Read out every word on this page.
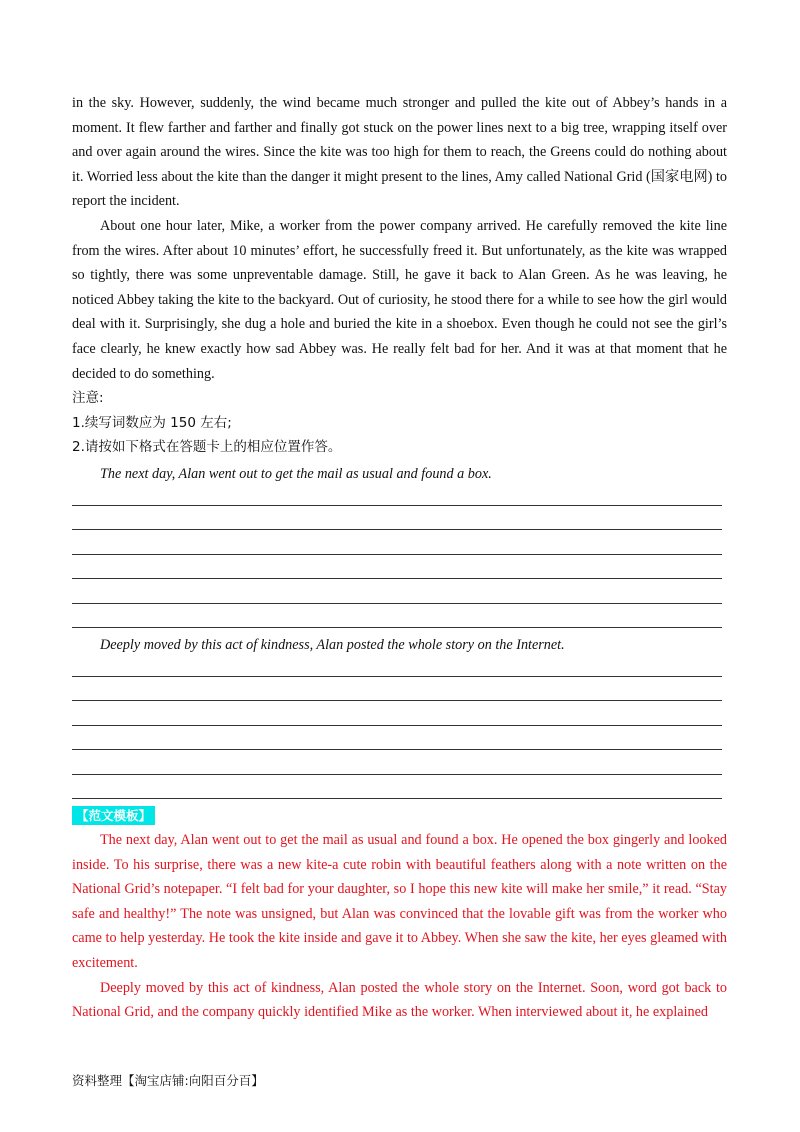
in the sky. However, suddenly, the wind became much stronger and pulled the kite out of Abbey’s hands in a moment. It flew farther and farther and finally got stuck on the power lines next to a big tree, wrapping itself over and over again around the wires. Since the kite was too high for them to reach, the Greens could do nothing about it. Worried less about the kite than the danger it might present to the lines, Amy called National Grid (国家电网) to report the incident.

About one hour later, Mike, a worker from the power company arrived. He carefully removed the kite line from the wires. After about 10 minutes’ effort, he successfully freed it. But unfortunately, as the kite was wrapped so tightly, there was some unpreventable damage. Still, he gave it back to Alan Green. As he was leaving, he noticed Abbey taking the kite to the backyard. Out of curiosity, he stood there for a while to see how the girl would deal with it. Surprisingly, she dug a hole and buried the kite in a shoebox. Even though he could not see the girl’s face clearly, he knew exactly how sad Abbey was. He really felt bad for her. And it was at that moment that he decided to do something.

注意:

1.续写词数应为 150 左右;

2.请按如下格式在答题卡上的相应位置作答。

The next day, Alan went out to get the mail as usual and found a box.
Deeply moved by this act of kindness, Alan posted the whole story on the Internet.
【范文模板】

The next day, Alan went out to get the mail as usual and found a box. He opened the box gingerly and looked inside. To his surprise, there was a new kite-a cute robin with beautiful feathers along with a note written on the National Grid’s notepaper. “I felt bad for your daughter, so I hope this new kite will make her smile,” it read. “Stay safe and healthy!” The note was unsigned, but Alan was convinced that the lovable gift was from the worker who came to help yesterday. He took the kite inside and gave it to Abbey. When she saw the kite, her eyes gleamed with excitement.

Deeply moved by this act of kindness, Alan posted the whole story on the Internet. Soon, word got back to National Grid, and the company quickly identified Mike as the worker. When interviewed about it, he explained

资料整理【淘宝店铺:向阳百分百】
